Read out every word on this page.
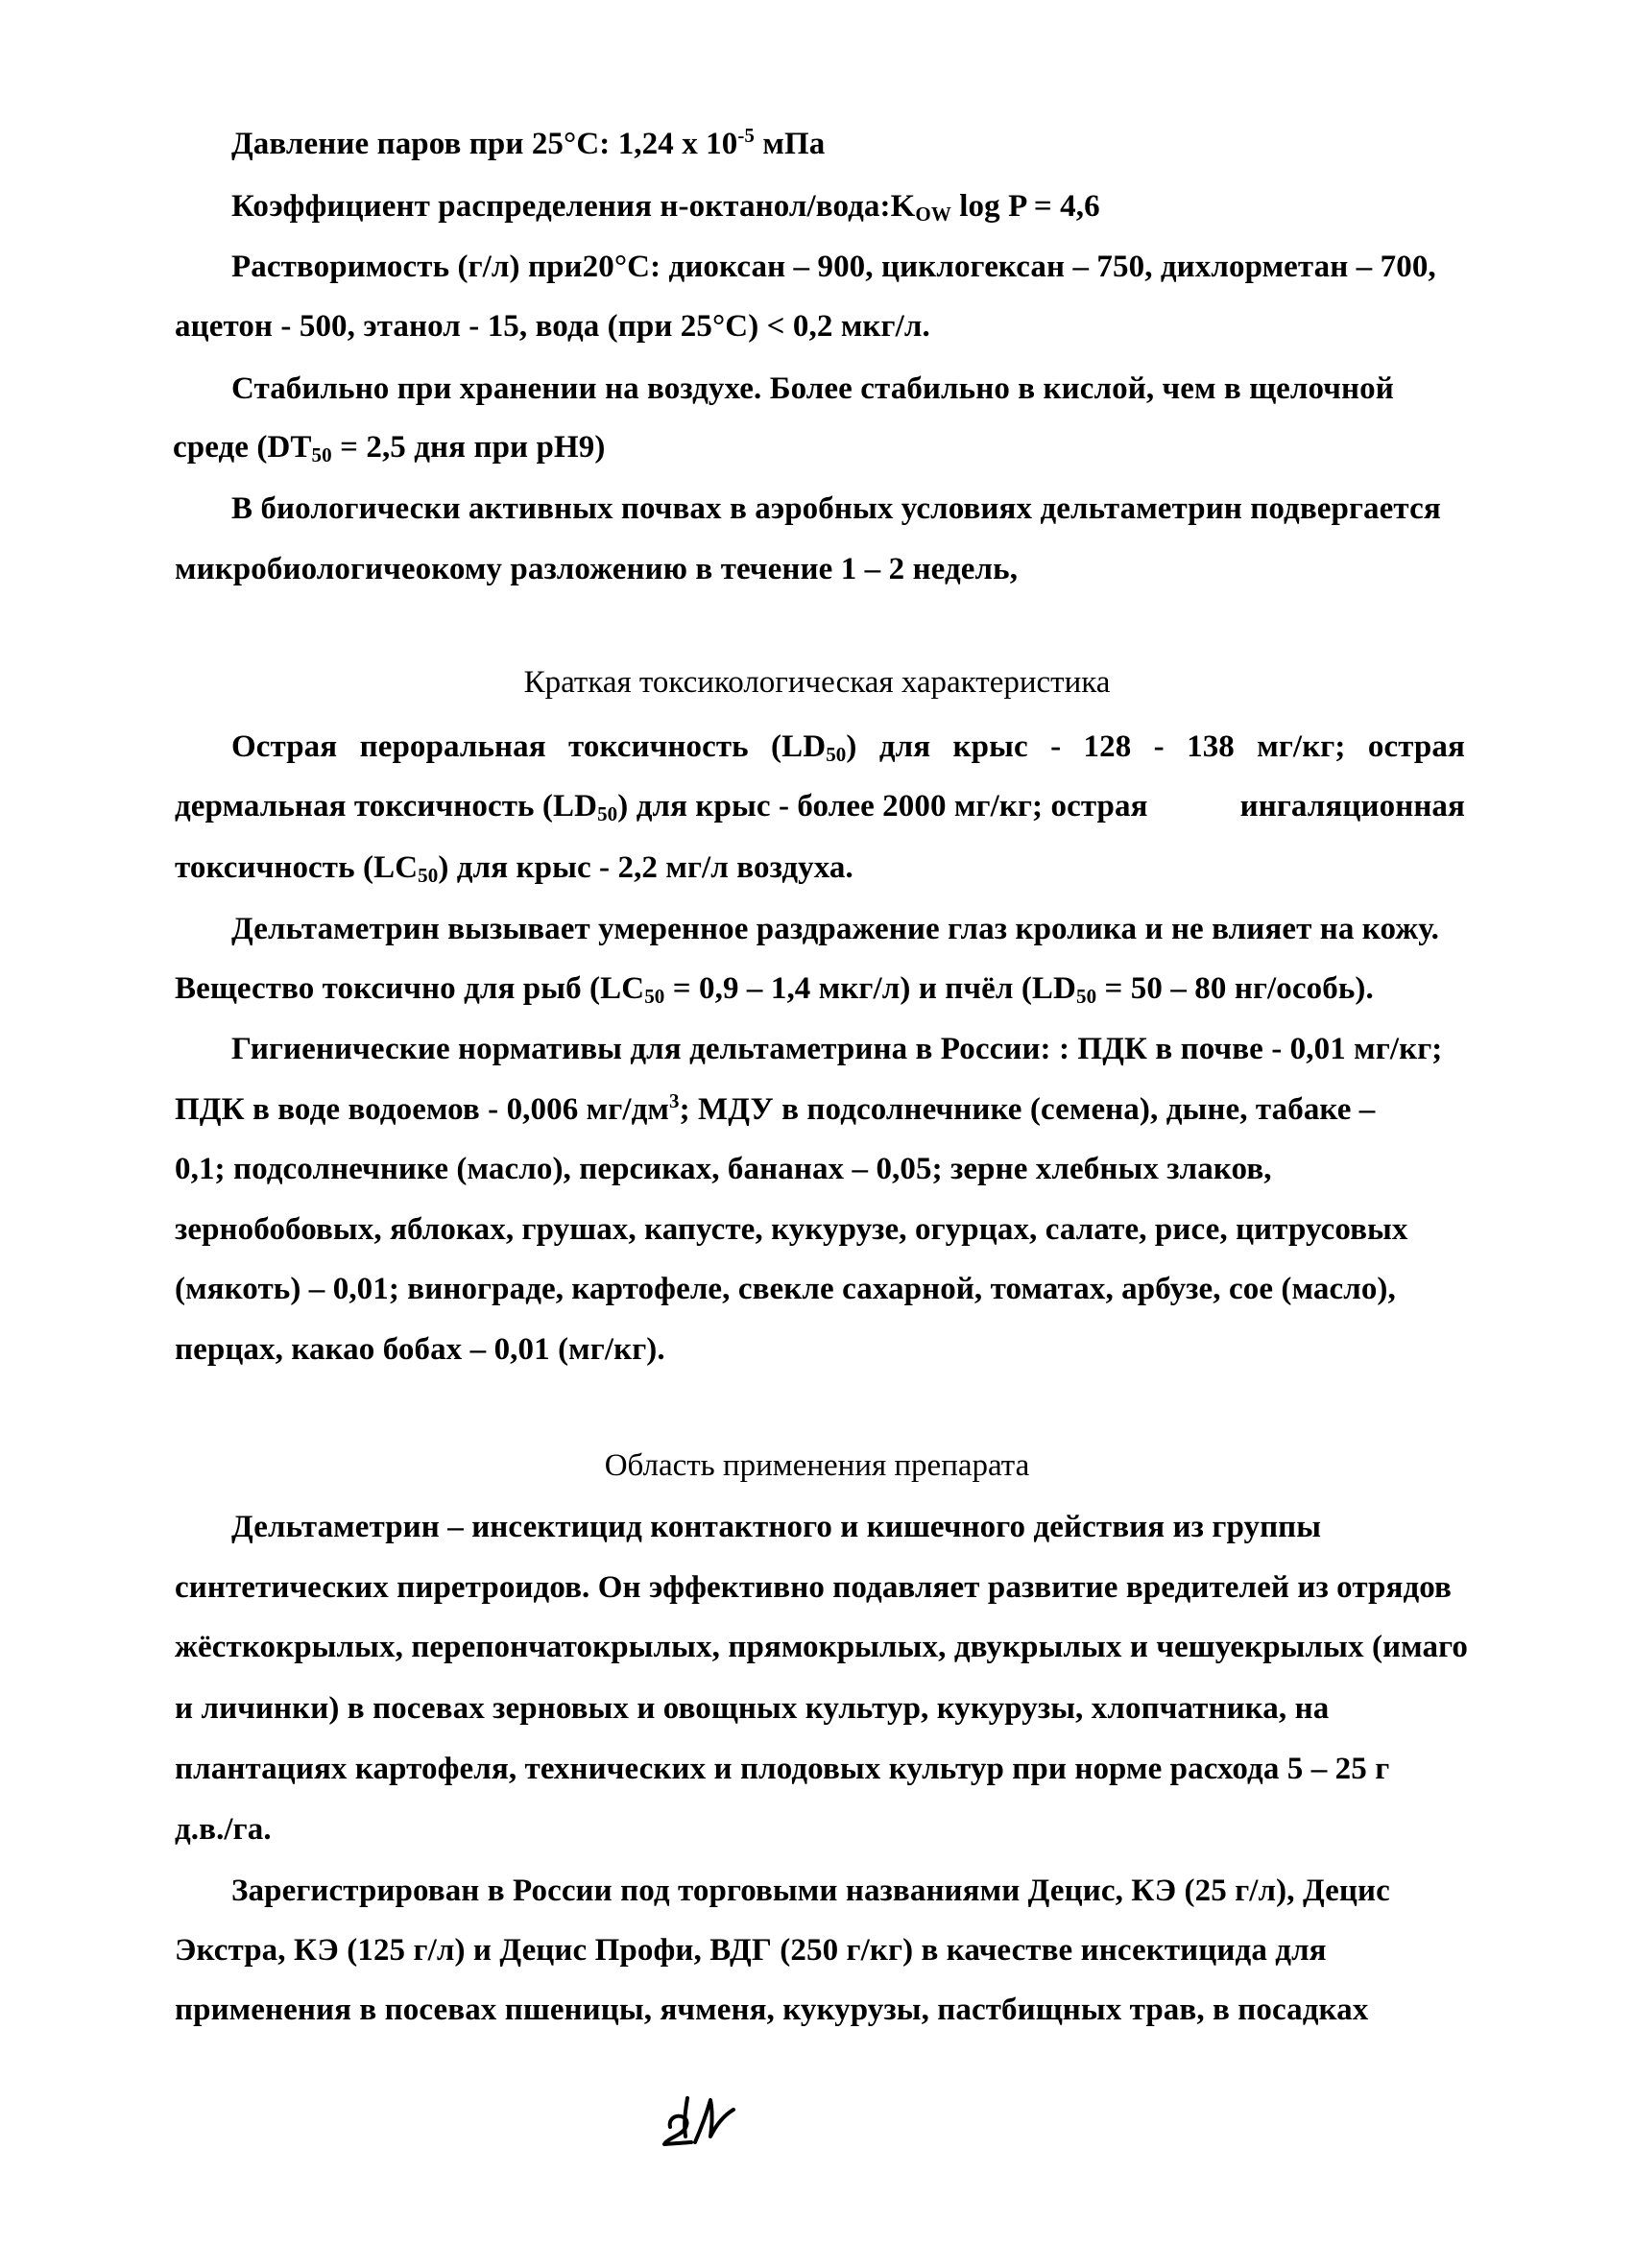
Давление паров при 25°С: 1,24 х $10^{-5}$ мПа
Коэффициент распределения $н-октанол/вода:K_{OW}$ log P = 4,6
Растворимость (г/л) при20°С: диоксан – 900, циклогексан – 750, дихлорметан – 700,
ацетон - 500, этанол - 15, вода (при 25°С) < 0,2 мкг/л.
Стабильно при хранении на воздухе. Более стабильно в кислой, чем в щелочной
среде ($DT_{50} = 2,5$ дня при pH9)
В биологически активных почвах в аэробных условиях дельтаметрин подвергается
микробиологичеокому разложению в течение 1 – 2 недель,
Краткая токсикологическая характеристика
Острая пероральная токсичность $(LD_{50})$ для крыс - 128 - 138 мг/кг; острая
дермальная токсичность $(LD_{50})$ для крыс - более 2000 мг/кг; острая	ингаляционная
токсичность $(LC_{50})$ для крыс - 2,2 мг/л воздуха.
Дельтаметрин вызывает умеренное раздражение глаз кролика и не влияет на кожу.
Вещество токсично для рыб ($LC_{50} = 0,9 - 1,4$ мкг/л) и пчёл ($LD_{50} = 50 - 80$ нг/особь).
Гигиенические нормативы для дельтаметрина в России: : ПДК в почве - 0,01 мг/кг;
ПДК в воде водоемов - 0,006 $мг/дм^3$; МДУ в подсолнечнике (семена), дыне, табаке –
0,1; подсолнечнике (масло), персиках, бананах – 0,05; зерне хлебных злаков,
зернобобовых, яблоках, грушах, капусте, кукурузе, огурцах, салате, рисе, цитрусовых
(мякоть) – 0,01; винограде, картофеле, свекле сахарной, томатах, арбузе, сое (масло),
перцах, какао бобах – 0,01 (мг/кг).
Область применения препарата
Дельтаметрин – инсектицид контактного и кишечного действия из группы
синтетических пиретроидов. Он эффективно подавляет развитие вредителей из отрядов
жёсткокрылых, перепончатокрылых, прямокрылых, двукрылых и чешуекрылых (имаго
и личинки) в посевах зерновых и овощных культур, кукурузы, хлопчатника, на
плантациях картофеля, технических и плодовых культур при норме расхода 5 – 25 г
д.в./га.
Зарегистрирован в России под торговыми названиями Децис, КЭ (25 г/л), Децис
Экстра, КЭ (125 г/л) и Децис Профи, ВДГ (250 г/кг) в качестве инсектицида для
применения в посевах пшеницы, ячменя, кукурузы, пастбищных трав, в посадках
